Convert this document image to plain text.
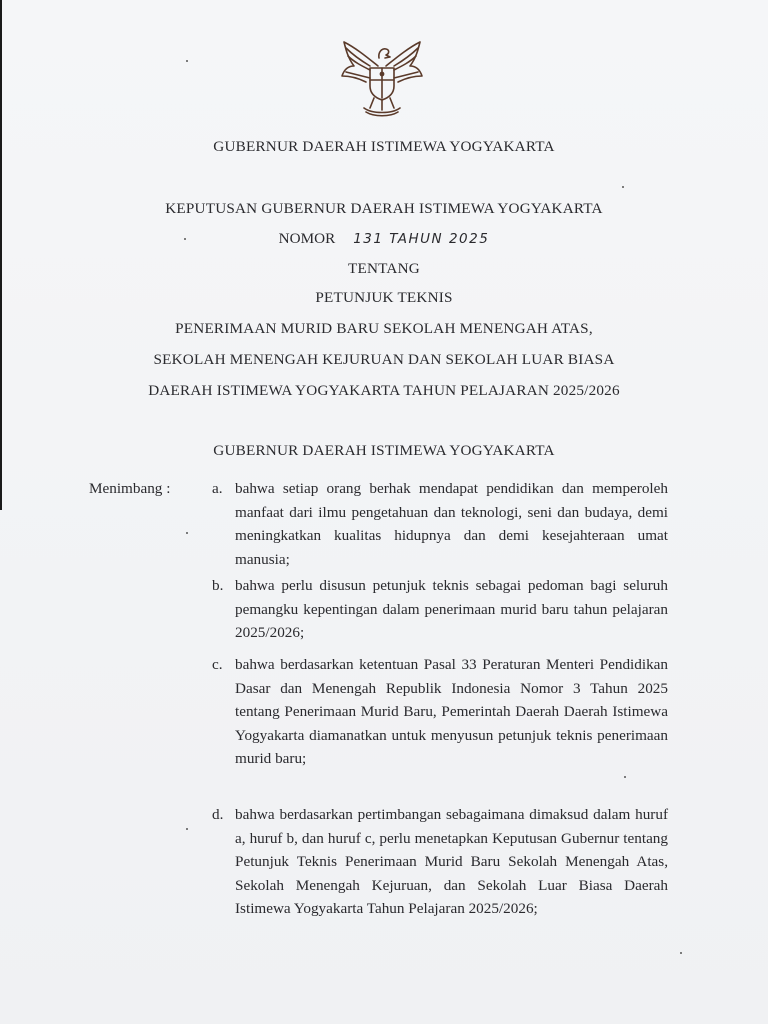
GUBERNUR DAERAH ISTIMEWA YOGYAKARTA
KEPUTUSAN GUBERNUR DAERAH ISTIMEWA YOGYAKARTA
NOMOR 131 TAHUN 2025
TENTANG
PETUNJUK TEKNIS
PENERIMAAN MURID BARU SEKOLAH MENENGAH ATAS,
SEKOLAH MENENGAH KEJURUAN DAN SEKOLAH LUAR BIASA
DAERAH ISTIMEWA YOGYAKARTA TAHUN PELAJARAN 2025/2026
GUBERNUR DAERAH ISTIMEWA YOGYAKARTA
Menimbang :	a. bahwa setiap orang berhak mendapat pendidikan dan memperoleh manfaat dari ilmu pengetahuan dan teknologi, seni dan budaya, demi meningkatkan kualitas hidupnya dan demi kesejahteraan umat manusia;
b. bahwa perlu disusun petunjuk teknis sebagai pedoman bagi seluruh pemangku kepentingan dalam penerimaan murid baru tahun pelajaran 2025/2026;
c. bahwa berdasarkan ketentuan Pasal 33 Peraturan Menteri Pendidikan Dasar dan Menengah Republik Indonesia Nomor 3 Tahun 2025 tentang Penerimaan Murid Baru, Pemerintah Daerah Daerah Istimewa Yogyakarta diamanatkan untuk menyusun petunjuk teknis penerimaan murid baru;
d. bahwa berdasarkan pertimbangan sebagaimana dimaksud dalam huruf a, huruf b, dan huruf c, perlu menetapkan Keputusan Gubernur tentang Petunjuk Teknis Penerimaan Murid Baru Sekolah Menengah Atas, Sekolah Menengah Kejuruan, dan Sekolah Luar Biasa Daerah Istimewa Yogyakarta Tahun Pelajaran 2025/2026;
